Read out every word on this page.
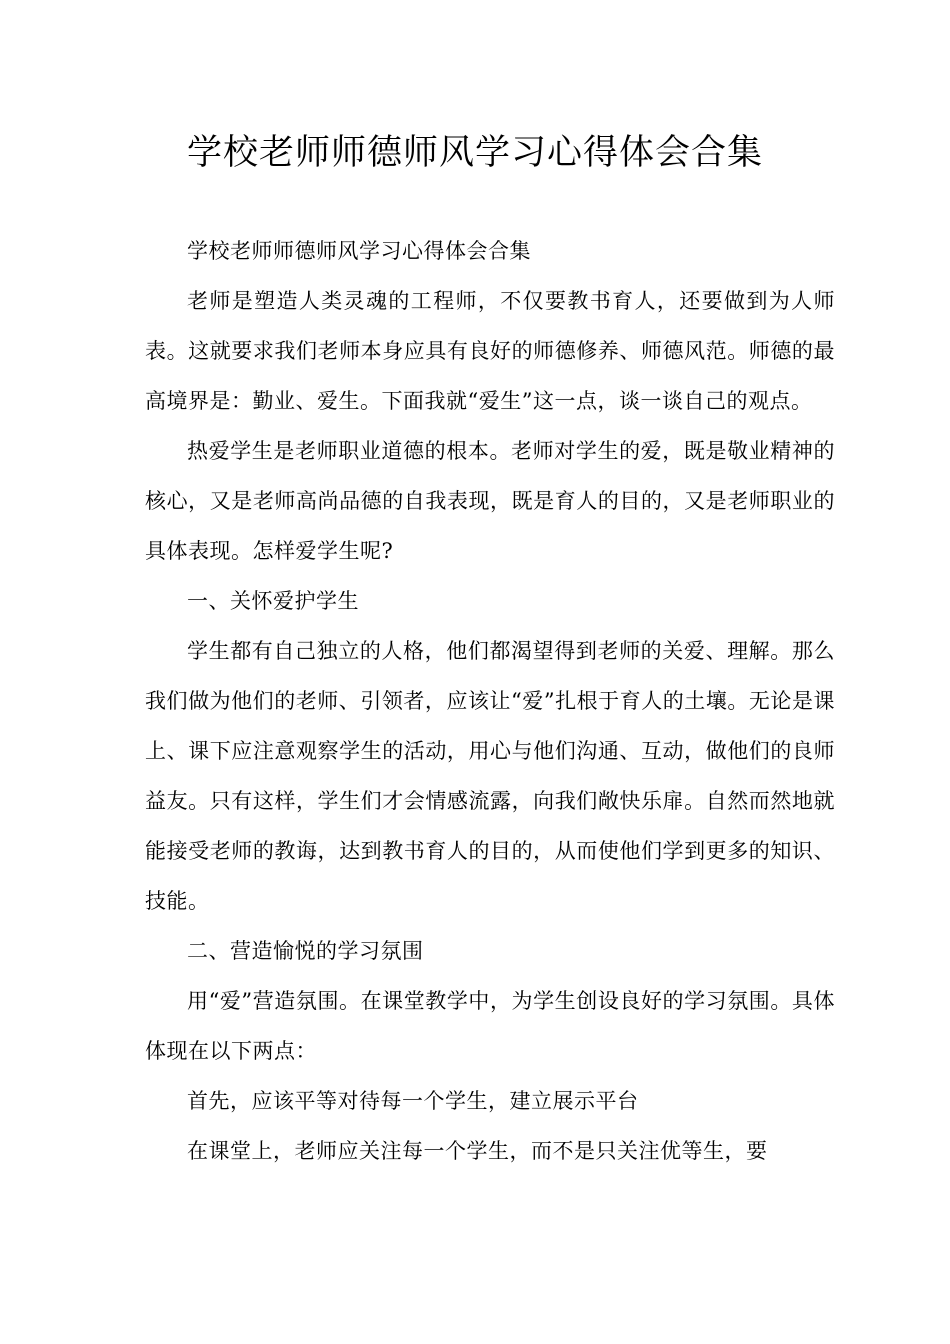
学校老师师德师风学习心得体会合集

学校老师师德师风学习心得体会合集

老师是塑造人类灵魂的工程师，不仅要教书育人，还要做到为人师表。这就要求我们老师本身应具有良好的师德修养、师德风范。师德的最高境界是：勤业、爱生。下面我就“爱生”这一点，谈一谈自己的观点。

热爱学生是老师职业道德的根本。老师对学生的爱，既是敬业精神的核心，又是老师高尚品德的自我表现，既是育人的目的，又是老师职业的具体表现。怎样爱学生呢?

一、关怀爱护学生

学生都有自己独立的人格，他们都渴望得到老师的关爱、理解。那么我们做为他们的老师、引领者，应该让“爱”扎根于育人的土壤。无论是课上、课下应注意观察学生的活动，用心与他们沟通、互动，做他们的良师益友。只有这样，学生们才会情感流露，向我们敞快乐扉。自然而然地就能接受老师的教诲，达到教书育人的目的，从而使他们学到更多的知识、技能。

二、营造愉悦的学习氛围

用“爱”营造氛围。在课堂教学中，为学生创设良好的学习氛围。具体体现在以下两点：

首先，应该平等对待每一个学生，建立展示平台

在课堂上，老师应关注每一个学生，而不是只关注优等生，要
